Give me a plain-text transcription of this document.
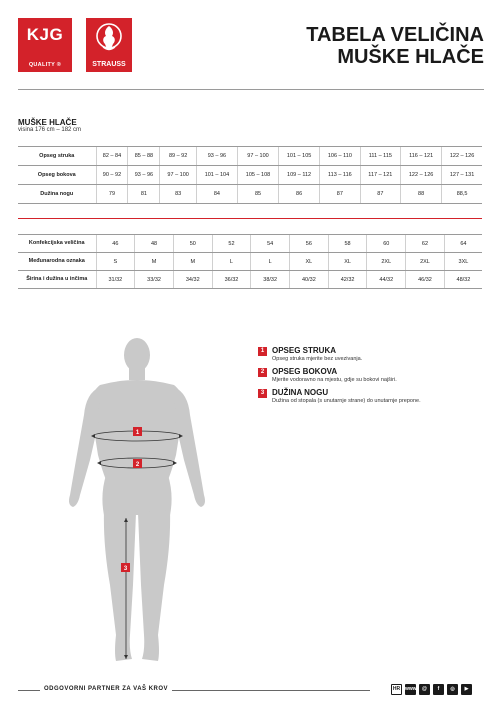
KJG
QUALITY ®	STRAUSS
TABELA VELIČINA
MUŠKE HLAČE
MUŠKE HLAČE
visina 176 cm – 182 cm
Opseg struka	82 – 84	85 – 88	89 – 92	93 – 96	97 – 100	101 – 105	106 – 110	111 – 115	116 – 121	122 – 126
Opseg bokova	90 – 92	93 – 96	97 – 100	101 – 104	105 – 108	109 – 112	113 – 116	117 – 121	122 – 126	127 – 131
Dužina nogu	79	81	83	84	85	86	87	87	88	88,5
Konfekcijska veličina	46	48	50	52	54	56	58	60	62	64
Međunarodna oznaka	S	M	M	L	L	XL	XL	2XL	2XL	3XL
Širina i dužina u inčima	31/32	33/32	34/32	36/32	38/32	40/32	42/32	44/32	46/32	48/32
1
2
3
1 OPSEG STRUKA
Opseg struka mjerite bez uvezivanja.
2 OPSEG BOKOVA
Mjerite vodoravno na mjestu, gdje su bokovi najširi.
3 DUŽINA NOGU
Dužina od stopala (s unutarnje strane) do unutarnje prepone.
ODGOVORNI PARTNER ZA VAŠ KROV	HR www	@	f	◎	▶
